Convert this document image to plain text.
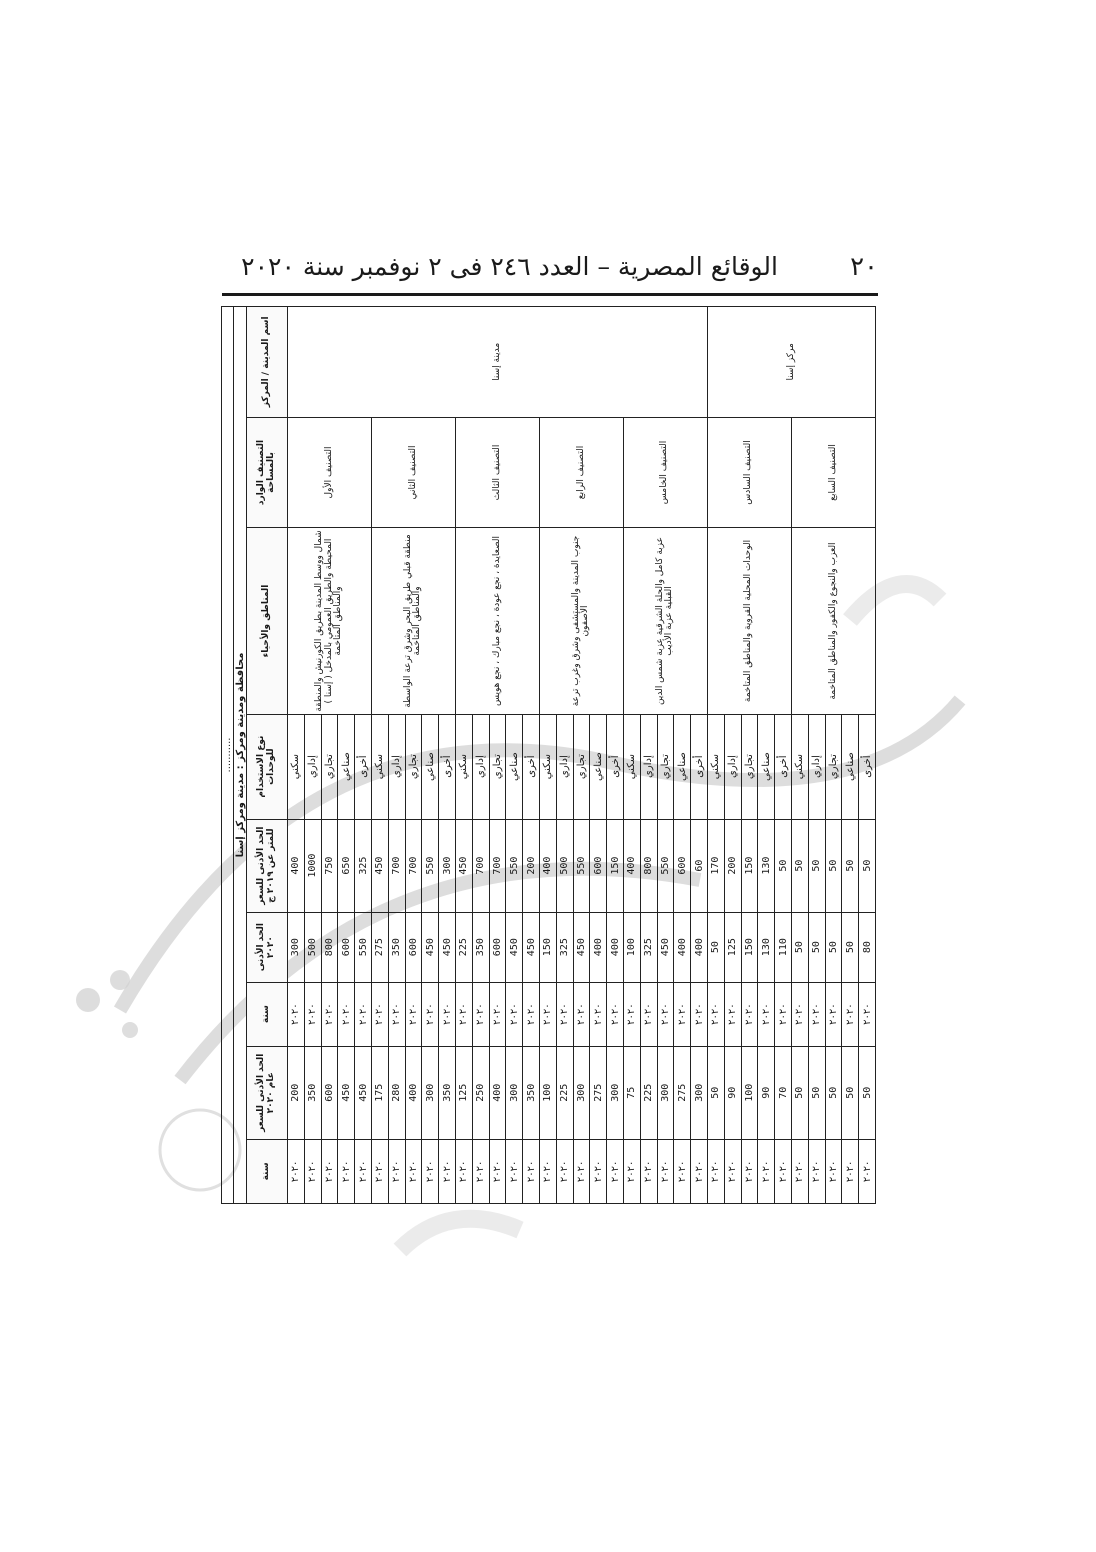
٢٠
الوقائع المصرية – العدد ٢٤٦ فى ٢ نوفمبر سنة ٢٠٢٠
...........								
محافظة ومدينة ومركز : مدينة ومركز إسنا								
اسم المدينة / المركز	التصنيف الوارد بالمساحة	المناطق والأحياء	نوع الاستخدام للوحدات	الحد الأدنى للسعر للمتر عن ٢٠١٩ ج	الحد الأدنى ٢٠٢٠	سنة	الحد الأدنى للسعر عام ٢٠٢٠	سنة
مدينة إسنا	التصنيف الأول	شمال ووسط المدينة بطريق الكورنيش والمنطقة المحيطة والطريق العمومي بالمدخل ( إسنا ) والمناطق المتاخمة	سكني	400	300	٢٠٢٠	200	٢٠٢٠
			إداري	1000	500	٢٠٢٠	350	٢٠٢٠
			تجاري	750	800	٢٠٢٠	600	٢٠٢٠
			صناعي	650	600	٢٠٢٠	450	٢٠٢٠
			أخرى	325	550	٢٠٢٠	450	٢٠٢٠
	التصنيف الثاني	منطقة قبلي طريق البحر وشرق ترعة الواسطة والمناطق المتاخمة	سكني	450	275	٢٠٢٠	175	٢٠٢٠
			إداري	700	350	٢٠٢٠	280	٢٠٢٠
			تجاري	700	600	٢٠٢٠	400	٢٠٢٠
			صناعي	550	450	٢٠٢٠	300	٢٠٢٠
			أخرى	300	450	٢٠٢٠	350	٢٠٢٠
	التصنيف الثالث	الصعايدة ، نجع عودة ، نجع مبارك ، نجع هويس	سكني	450	225	٢٠٢٠	125	٢٠٢٠
			إداري	700	350	٢٠٢٠	250	٢٠٢٠
			تجاري	700	600	٢٠٢٠	400	٢٠٢٠
			صناعي	550	450	٢٠٢٠	300	٢٠٢٠
			أخرى	200	450	٢٠٢٠	350	٢٠٢٠
	التصنيف الرابع	جنوب المدينة والمستشفى وشرق وغرب ترعة الأصفون	سكني	400	150	٢٠٢٠	100	٢٠٢٠
			إداري	500	325	٢٠٢٠	225	٢٠٢٠
			تجاري	550	450	٢٠٢٠	300	٢٠٢٠
			صناعي	600	400	٢٠٢٠	275	٢٠٢٠
			أخرى	150	400	٢٠٢٠	300	٢٠٢٠
	التصنيف الخامس	عزبة كامل والحلة الشرقية عزبة شمس الدين القبلية عزبة الأديب	سكني	400	100	٢٠٢٠	75	٢٠٢٠
			إداري	800	325	٢٠٢٠	225	٢٠٢٠
			تجاري	550	450	٢٠٢٠	300	٢٠٢٠
			صناعي	600	400	٢٠٢٠	275	٢٠٢٠
			أخرى	60	400	٢٠٢٠	300	٢٠٢٠
مركز إسنا	التصنيف السادس	الوحدات المحلية القروية والمناطق المتاخمة	سكني	170	50	٢٠٢٠	50	٢٠٢٠
			إداري	200	125	٢٠٢٠	90	٢٠٢٠
			تجاري	150	150	٢٠٢٠	100	٢٠٢٠
			صناعي	130	130	٢٠٢٠	90	٢٠٢٠
			أخرى	50	110	٢٠٢٠	70	٢٠٢٠
	التصنيف السابع	العزب والنجوع والكفور والمناطق المتاخمة	سكني	50	50	٢٠٢٠	50	٢٠٢٠
			إداري	50	50	٢٠٢٠	50	٢٠٢٠
			تجاري	50	50	٢٠٢٠	50	٢٠٢٠
			صناعي	50	50	٢٠٢٠	50	٢٠٢٠
			أخرى	50	80	٢٠٢٠	50	٢٠٢٠
